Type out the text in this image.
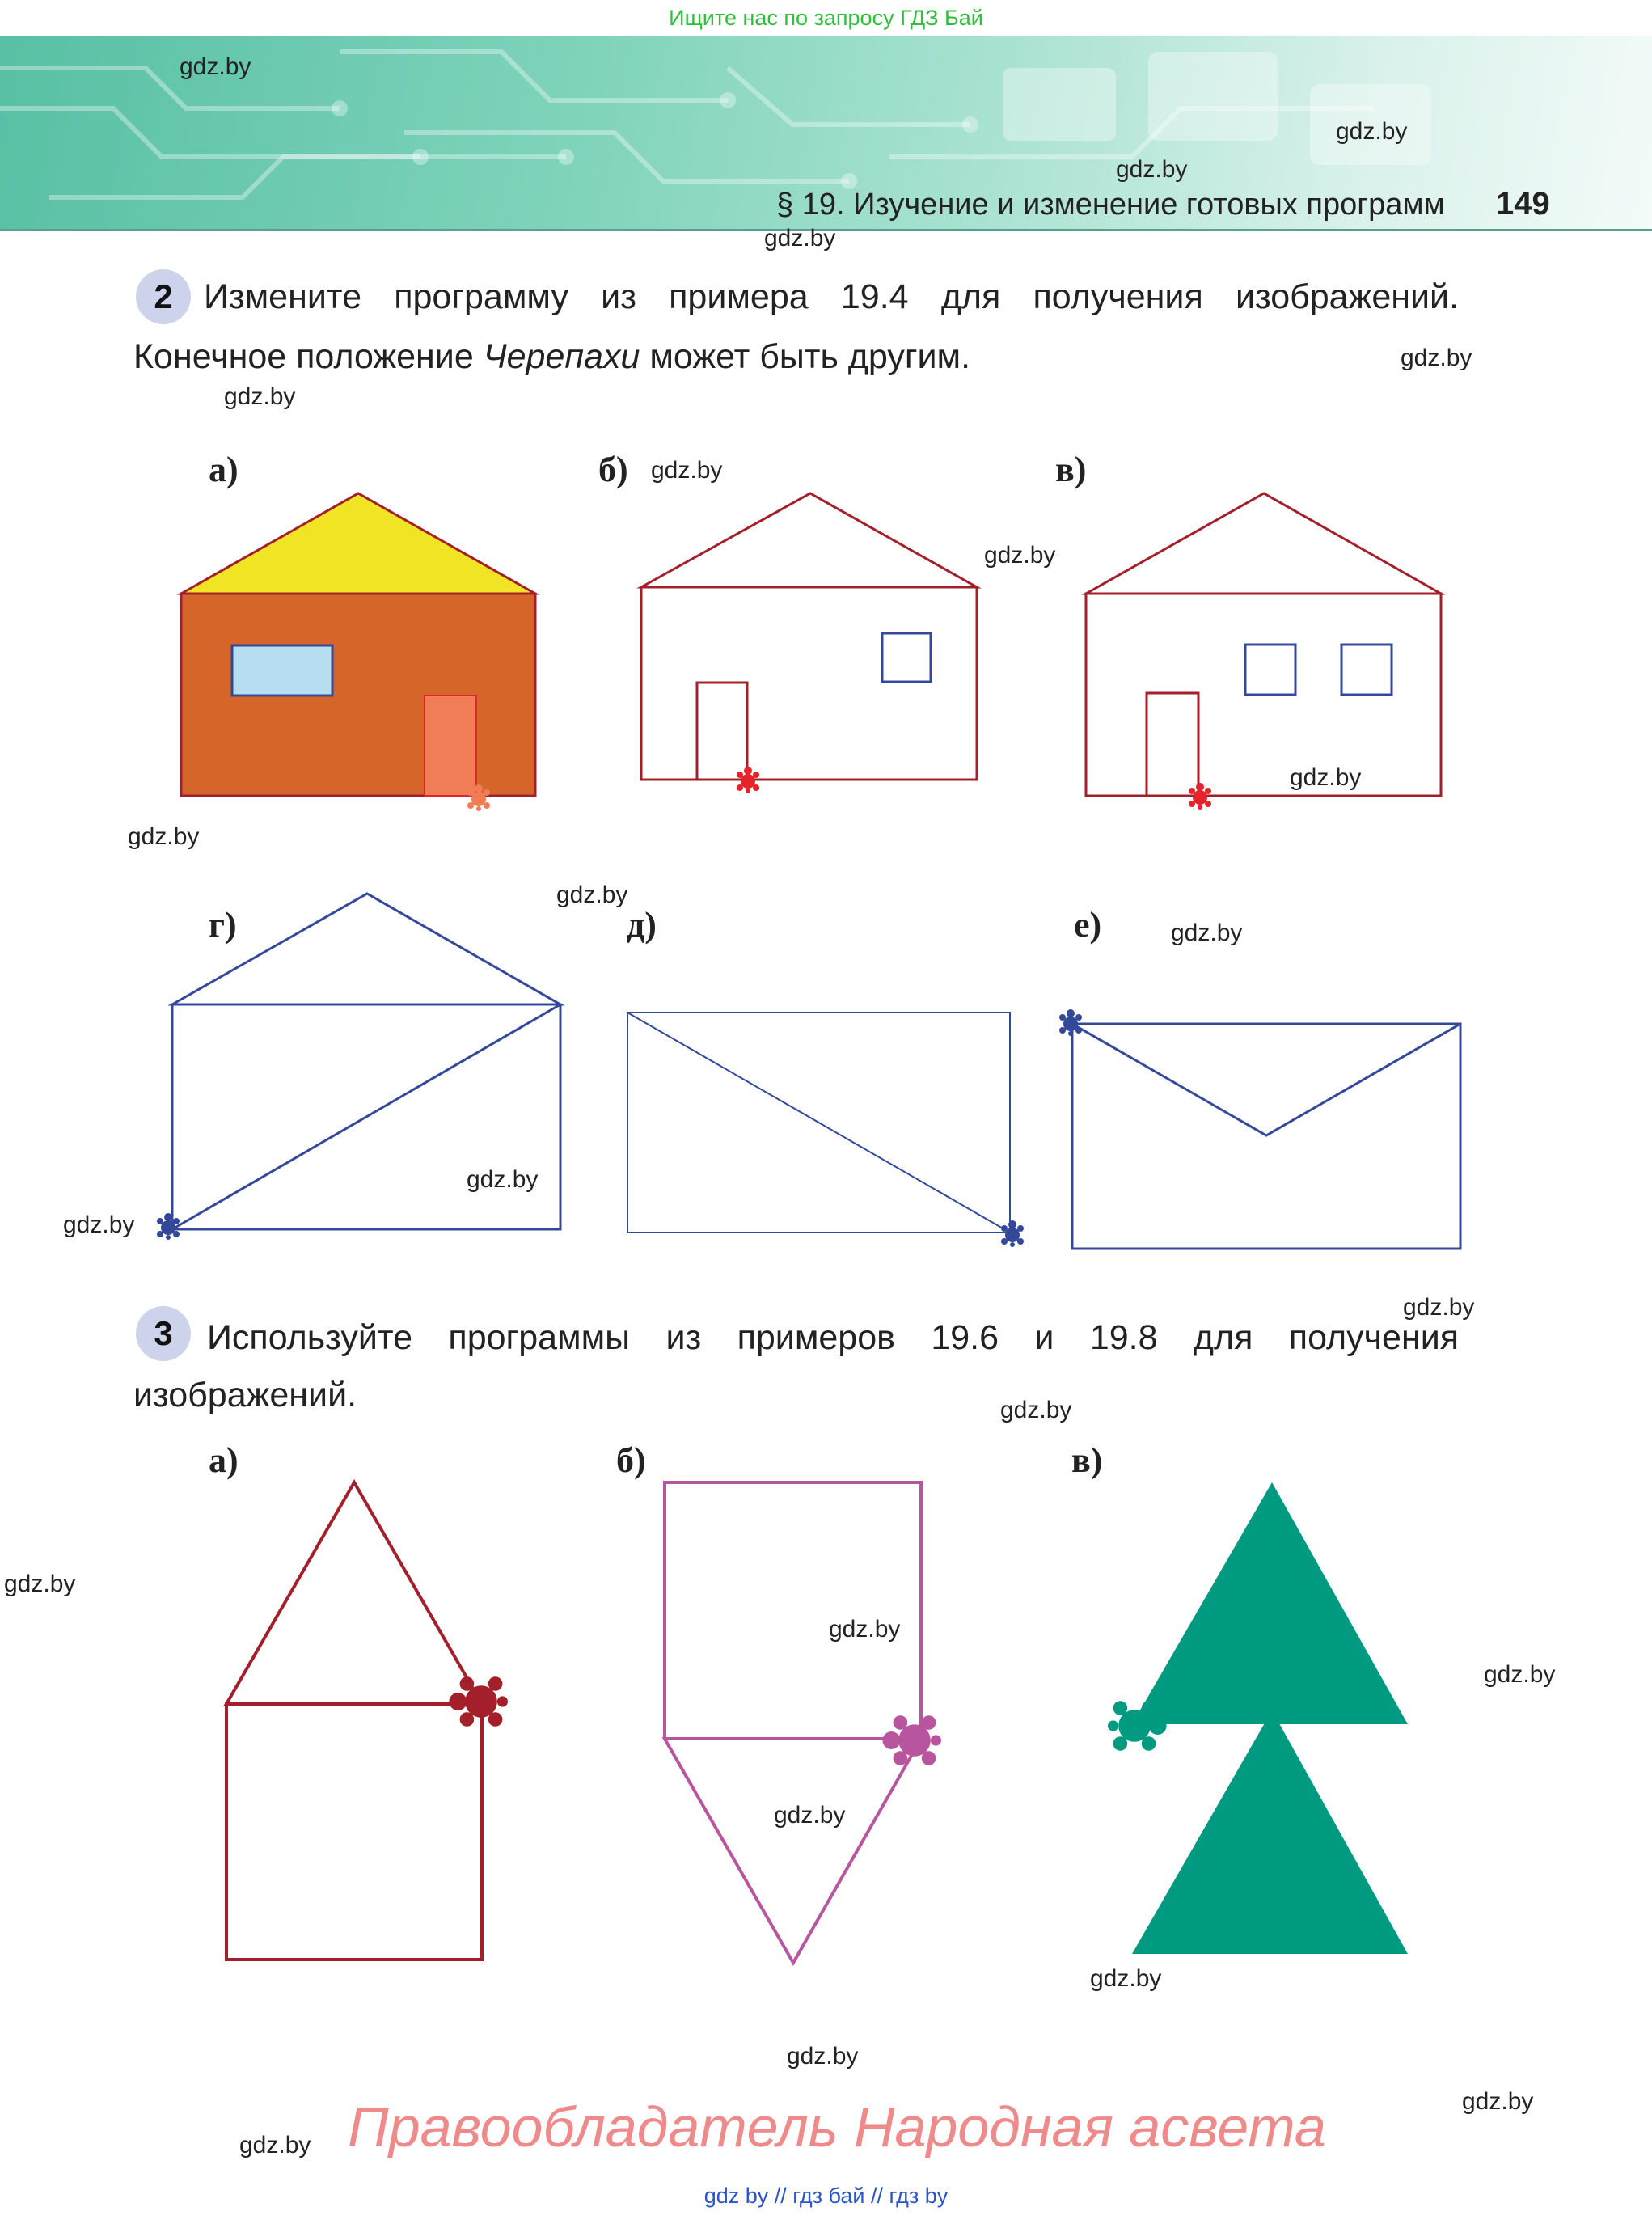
Ищите нас по запросу ГДЗ Бай
§ 19. Изучение и изменение готовых программ 149
2 Измените программу из примера 19.4 для получения изображений.
Конечное положение Черепахи может быть другим.
а)	б)	в)
г)	д)	е)
3 Используйте программы из примеров 19.6 и 19.8 для получения
изображений.
а)	б)	в)
gdz.by
gdz.by
gdz.by
gdz.by
gdz.by
gdz.by
gdz.by
gdz.by
gdz.by
gdz.by
gdz.by
gdz.by
gdz.by
gdz.by
gdz.by
gdz.by
gdz.by
gdz.by
gdz.by
gdz.by
gdz.by
gdz.by
gdz.by
gdz.by Правообладатель Народная асвета
gdz by // гдз бай // гдз by
